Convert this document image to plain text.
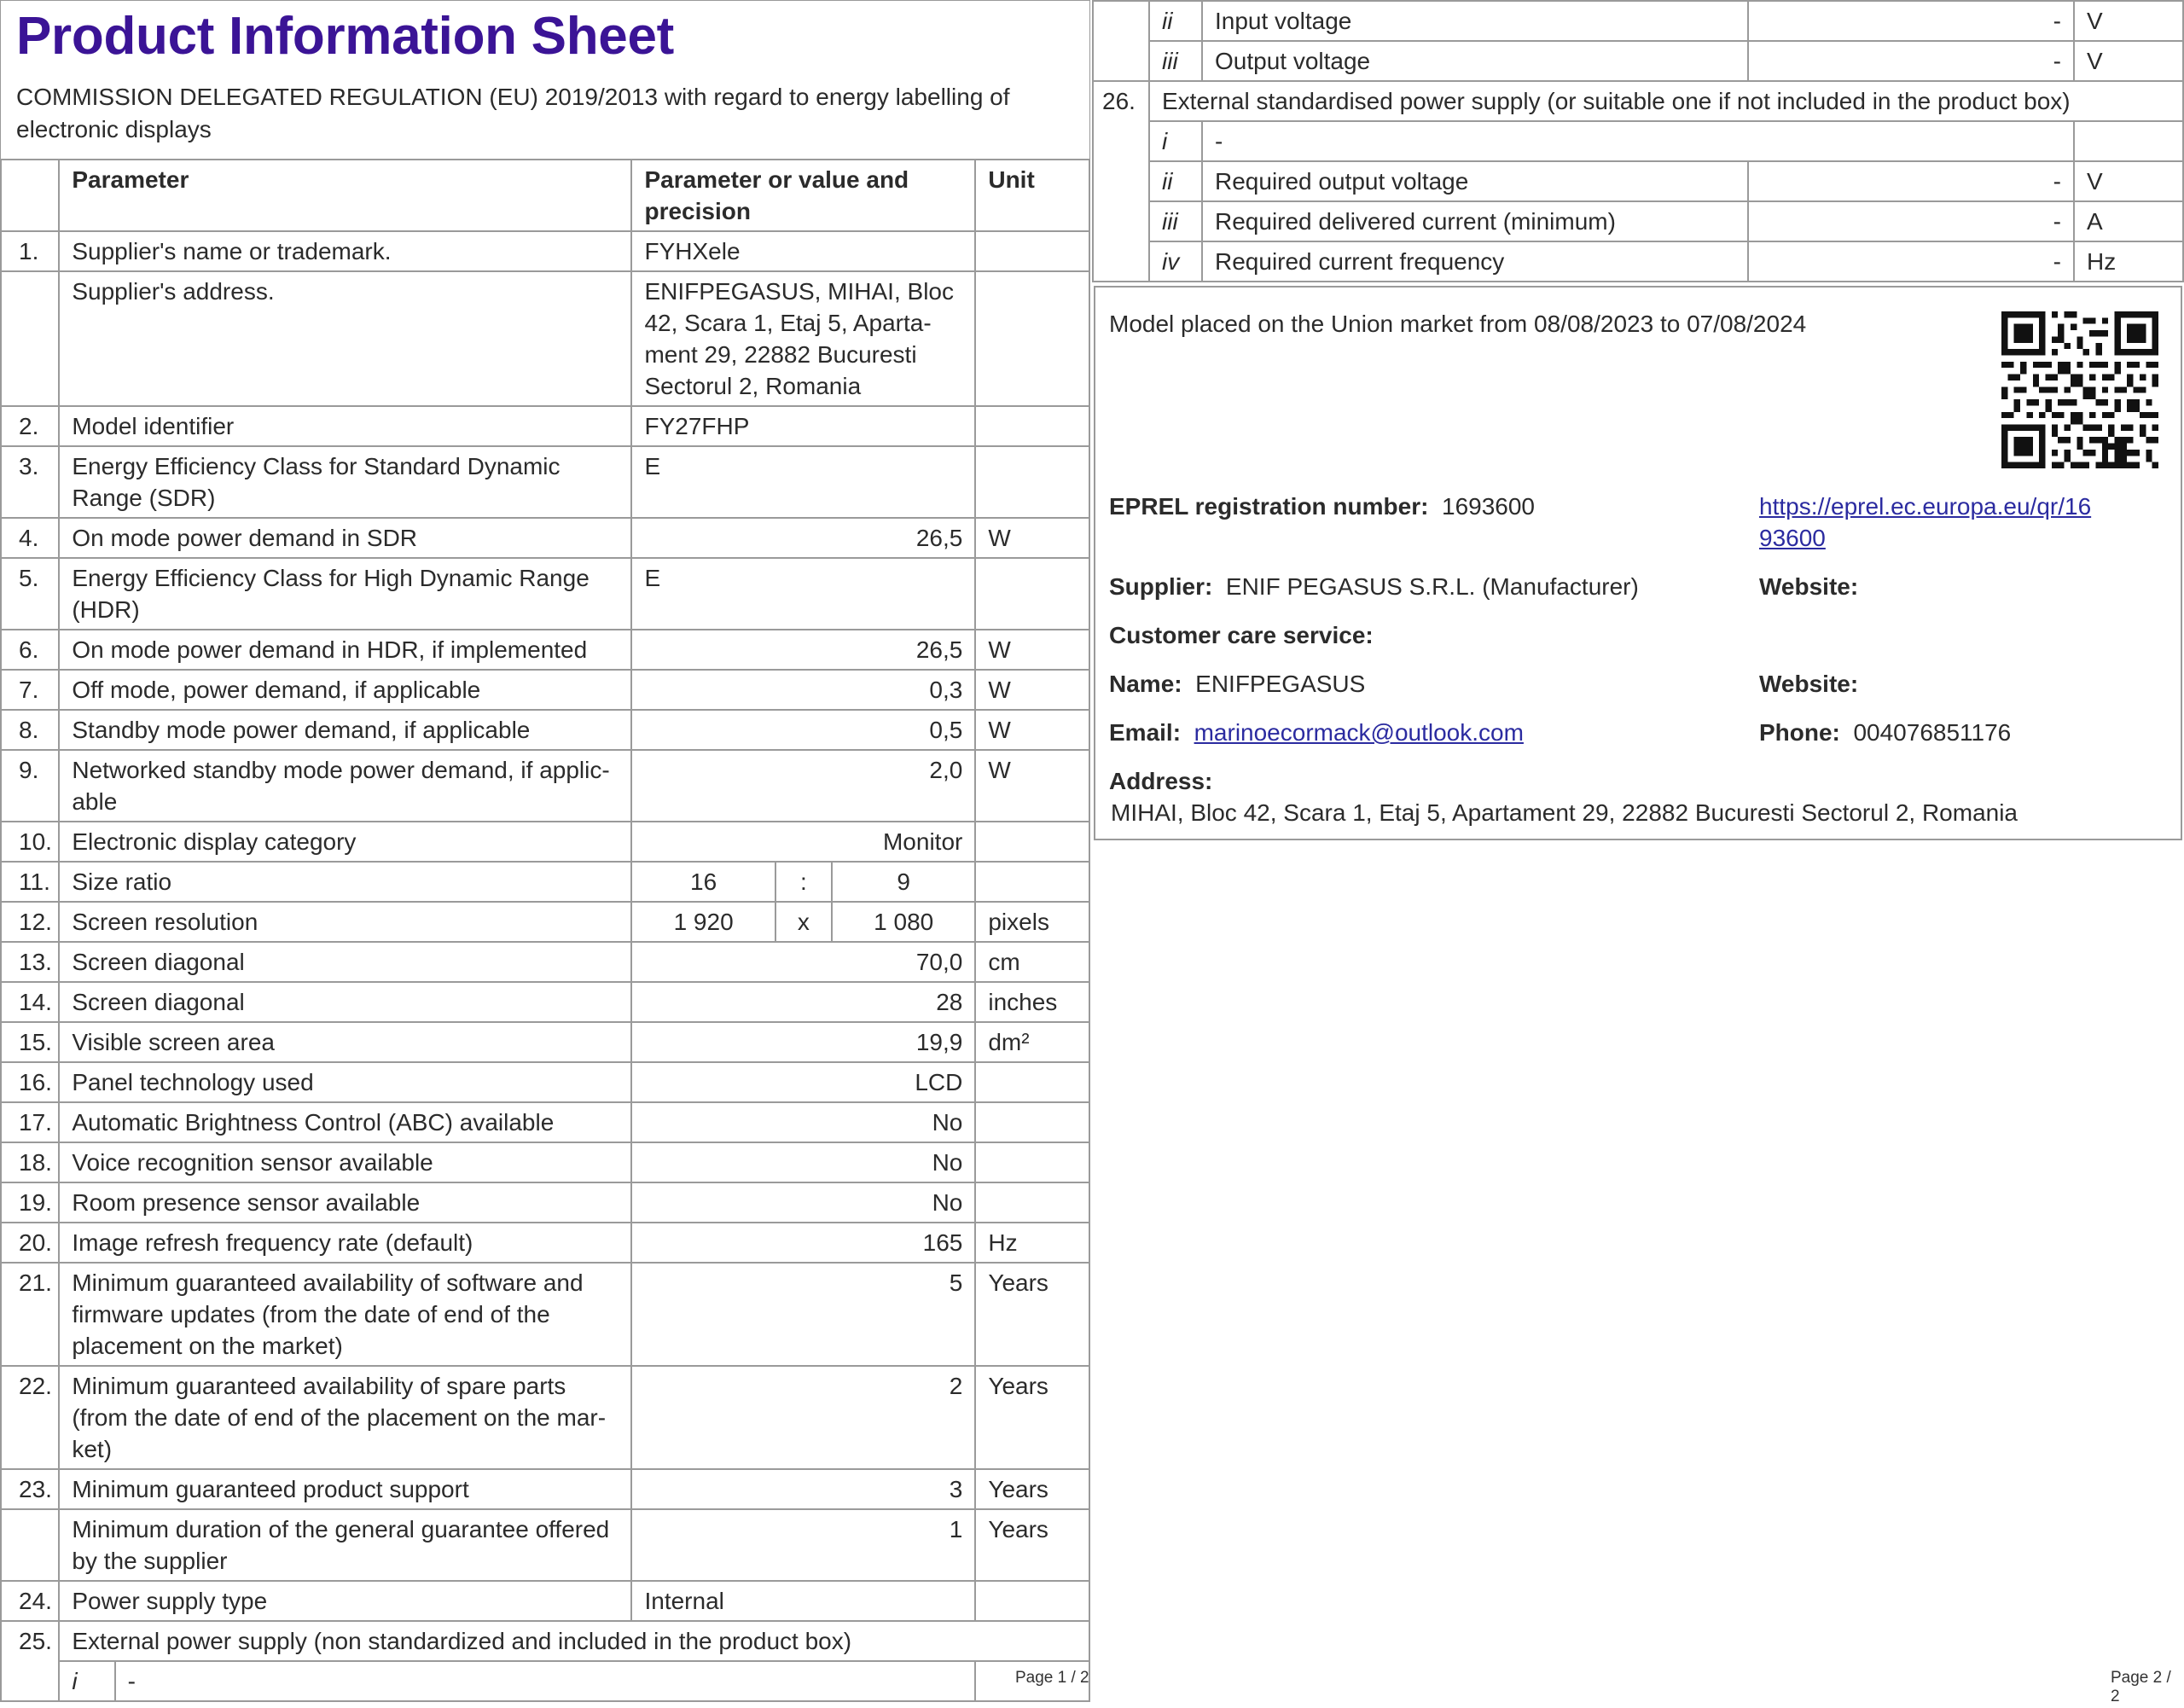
Product Information Sheet
COMMISSION DELEGATED REGULATION (EU) 2019/2013 with regard to energy labelling of electronic displays
	Parameter		Parameter or value and precision			Unit
1.	Supplier's name or trademark.		FYHXele			
	Supplier's address.		ENIFPEGASUS, MIHAI, Bloc 42, Scara 1, Etaj 5, Aparta-ment 29, 22882 Bucuresti Sectorul 2, Romania			
2.	Model identifier		FY27FHP			
3.	Energy Efficiency Class for Standard Dynamic Range (SDR)		E			
4.	On mode power demand in SDR		26,5			W
5.	Energy Efficiency Class for High Dynamic Range (HDR)		E			
6.	On mode power demand in HDR, if implemented		26,5			W
7.	Off mode, power demand, if applicable		0,3			W
8.	Standby mode power demand, if applicable		0,5			W
9.	Networked standby mode power demand, if applic-able		2,0			W
10.	Electronic display category		Monitor			
11.	Size ratio		16	:	9	
12.	Screen resolution		1 920	x	1 080	pixels
13.	Screen diagonal		70,0			cm
14.	Screen diagonal		28			inches
15.	Visible screen area		19,9			dm²
16.	Panel technology used		LCD			
17.	Automatic Brightness Control (ABC) available		No			
18.	Voice recognition sensor available		No			
19.	Room presence sensor available		No			
20.	Image refresh frequency rate (default)		165			Hz
21.	Minimum guaranteed availability of software and firmware updates (from the date of end of the placement on the market)		5			Years
22.	Minimum guaranteed availability of spare parts (from the date of end of the placement on the mar-ket)		2			Years
23.	Minimum guaranteed product support		3			Years
	Minimum duration of the general guarantee offered by the supplier		1			Years
24.	Power supply type		Internal			
25.	External power supply (non standardized and included in the product box)					
	i	-					Page 1 / 2
	ii	Input voltage	-	V
	iii	Output voltage	-	V
26.	External standardised power supply (or suitable one if not included in the product box)			
	i	-		
	ii	Required output voltage	-	V
	iii	Required delivered current (minimum)	-	A
	iv	Required current frequency	-	Hz
Model placed on the Union market from 08/08/2023 to 07/08/2024
EPREL registration number: 1693600	https://eprel.ec.europa.eu/qr/16
93600
Supplier: ENIF PEGASUS S.R.L. (Manufacturer)	Website:
Customer care service:
Name: ENIFPEGASUS	Website:
Email: marinoecormack@outlook.com	Phone: 004076851176
Address:
MIHAI, Bloc 42, Scara 1, Etaj 5, Apartament 29, 22882 Bucuresti Sectorul 2, Romania
Page 2 / 2
